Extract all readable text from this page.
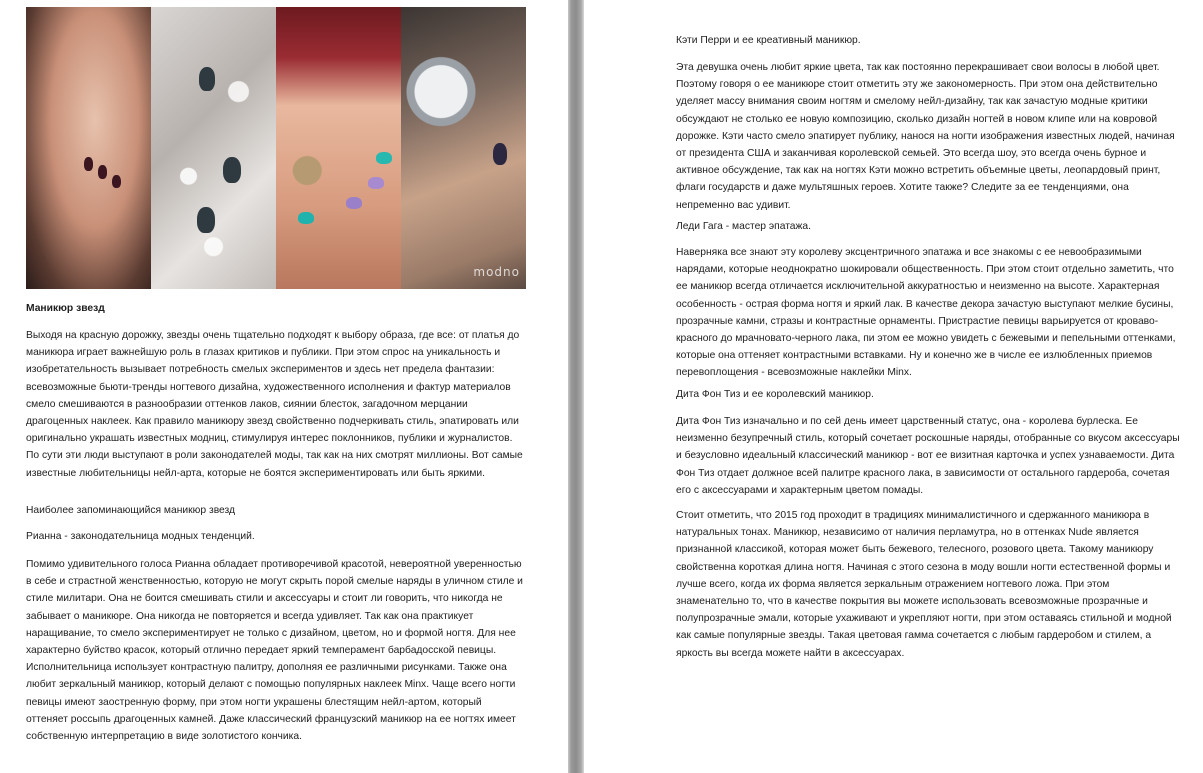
modno

Маникюр звезд

Выходя на красную дорожку, звезды очень тщательно подходят к выбору образа, где все: от платья до маникюра играет важнейшую роль в глазах критиков и публики. При этом спрос на уникальность и изобретательность вызывает потребность смелых экспериментов и здесь нет предела фантазии: всевозможные бьюти-тренды ногтевого дизайна, художественного исполнения и фактур материалов смело смешиваются в разнообразии оттенков лаков, сиянии блесток, загадочном мерцании драгоценных наклеек. Как правило маникюру звезд свойственно подчеркивать стиль, эпатировать или оригинально украшать известных модниц, стимулируя интерес поклонников, публики и журналистов. По сути эти люди выступают в роли законодателей моды, так как на них смотрят миллионы. Вот самые известные любительницы нейл-арта, которые не боятся экспериментировать или быть яркими.

Наиболее запоминающийся маникюр звезд

Рианна - законодательница модных тенденций.

Помимо удивительного голоса Рианна обладает противоречивой красотой, невероятной уверенностью в себе и страстной женственностью, которую не могут скрыть порой смелые наряды в уличном стиле и стиле милитари. Она не боится смешивать стили и аксессуары и стоит ли говорить, что никогда не забывает о маникюре. Она никогда не повторяется и всегда удивляет. Так как она практикует наращивание, то смело экспериментирует не только с дизайном, цветом, но и формой ногтя. Для нее характерно буйство красок, который отлично передает яркий темперамент барбадосской певицы. Исполнительница использует контрастную палитру, дополняя ее различными рисунками. Также она любит зеркальный маникюр, который делают с помощью популярных наклеек Minx. Чаще всего ногти певицы имеют заостренную форму, при этом ногти украшены блестящим нейл-артом, который оттеняет россыпь драгоценных камней. Даже классический французский маникюр на ее ногтях имеет собственную интерпретацию в виде золотистого кончика.

Кэти Перри и ее креативный маникюр.

Эта девушка очень любит яркие цвета, так как постоянно перекрашивает свои волосы в любой цвет. Поэтому говоря о ее маникюре стоит отметить эту же закономерность. При этом она действительно уделяет массу внимания своим ногтям и смелому нейл-дизайну, так как зачастую модные критики обсуждают не столько ее новую композицию, сколько дизайн ногтей в новом клипе или на ковровой дорожке. Кэти часто смело эпатирует публику, нанося на ногти изображения известных людей, начиная от президента США и заканчивая королевской семьей. Это всегда шоу, это всегда очень бурное и активное обсуждение, так как на ногтях Кэти можно встретить объемные цветы, леопардовый принт, флаги государств и даже мультяшных героев. Хотите также? Следите за ее тенденциями, она непременно вас удивит.

Леди Гага - мастер эпатажа.

Наверняка все знают эту королеву эксцентричного эпатажа и все знакомы с ее невообразимыми нарядами, которые неоднократно шокировали общественность. При этом стоит отдельно заметить, что ее маникюр всегда отличается исключительной аккуратностью и неизменно на высоте. Характерная особенность - острая форма ногтя и яркий лак. В качестве декора зачастую выступают мелкие бусины, прозрачные камни, стразы и контрастные орнаменты. Пристрастие певицы варьируется от кроваво-красного до мрачновато-черного лака, пи этом ее можно увидеть с бежевыми и пепельными оттенками, которые она оттеняет контрастными вставками. Ну и конечно же в числе ее излюбленных приемов перевоплощения - всевозможные наклейки Minx.

Дита Фон Тиз и ее королевский маникюр.

Дита Фон Тиз изначально и по сей день имеет царственный статус, она - королева бурлеска. Ее неизменно безупречный стиль, который сочетает роскошные наряды, отобранные со вкусом аксессуары и безусловно идеальный классический маникюр - вот ее визитная карточка и успех узнаваемости. Дита Фон Тиз отдает должное всей палитре красного лака, в зависимости от остального гардероба, сочетая его с аксессуарами и характерным цветом помады.

Стоит отметить, что 2015 год проходит в традициях минималистичного и сдержанного маникюра в натуральных тонах. Маникюр, независимо от наличия перламутра, но в оттенках Nude является признанной классикой, которая может быть бежевого, телесного, розового цвета. Такому маникюру свойственна короткая длина ногтя. Начиная с этого сезона в моду вошли ногти естественной формы и лучше всего, когда их форма является зеркальным отражением ногтевого ложа. При этом знаменательно то, что в качестве покрытия вы можете использовать всевозможные прозрачные и полупрозрачные эмали, которые ухаживают и укрепляют ногти, при этом оставаясь стильной и модной как самые популярные звезды. Такая цветовая гамма сочетается с любым гардеробом и стилем, а яркость вы всегда можете найти в аксессуарах.
